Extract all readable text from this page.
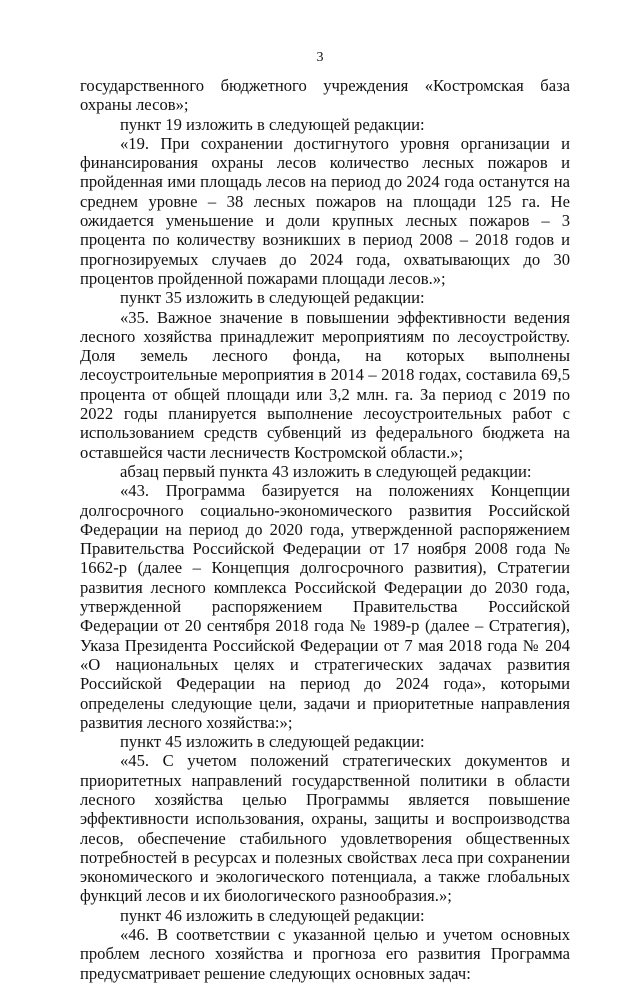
3

государственного бюджетного учреждения «Костромская база охраны лесов»;

пункт 19 изложить в следующей редакции:

«19. При сохранении достигнутого уровня организации и финансирования охраны лесов количество лесных пожаров и пройденная ими площадь лесов на период до 2024 года останутся на среднем уровне – 38 лесных пожаров на площади 125 га. Не ожидается уменьшение и доли крупных лесных пожаров – 3 процента по количеству возникших в период 2008 – 2018 годов и прогнозируемых случаев до 2024 года, охватывающих до 30 процентов пройденной пожарами площади лесов.»;

пункт 35 изложить в следующей редакции:

«35. Важное значение в повышении эффективности ведения лесного хозяйства принадлежит мероприятиям по лесоустройству. Доля земель лесного фонда, на которых выполнены лесоустроительные мероприятия в 2014 – 2018 годах, составила 69,5 процента от общей площади или 3,2 млн. га. За период с 2019 по 2022 годы планируется выполнение лесоустроительных работ с использованием средств субвенций из федерального бюджета на оставшейся части лесничеств Костромской области.»;

абзац первый пункта 43 изложить в следующей редакции:

«43. Программа базируется на положениях Концепции долгосрочного социально-экономического развития Российской Федерации на период до 2020 года, утвержденной распоряжением Правительства Российской Федерации от 17 ноября 2008 года № 1662-р (далее – Концепция долгосрочного развития), Стратегии развития лесного комплекса Российской Федерации до 2030 года, утвержденной распоряжением Правительства Российской Федерации от 20 сентября 2018 года № 1989-р (далее – Стратегия), Указа Президента Российской Федерации от 7 мая 2018 года № 204 «О национальных целях и стратегических задачах развития Российской Федерации на период до 2024 года», которыми определены следующие цели, задачи и приоритетные направления развития лесного хозяйства:»;

пункт 45 изложить в следующей редакции:

«45. С учетом положений стратегических документов и приоритетных направлений государственной политики в области лесного хозяйства целью Программы является повышение эффективности использования, охраны, защиты и воспроизводства лесов, обеспечение стабильного удовлетворения общественных потребностей в ресурсах и полезных свойствах леса при сохранении экономического и экологического потенциала, а также глобальных функций лесов и их биологического разнообразия.»;

пункт 46 изложить в следующей редакции:

«46. В соответствии с указанной целью и учетом основных проблем лесного хозяйства и прогноза его развития Программа предусматривает решение следующих основных задач:
